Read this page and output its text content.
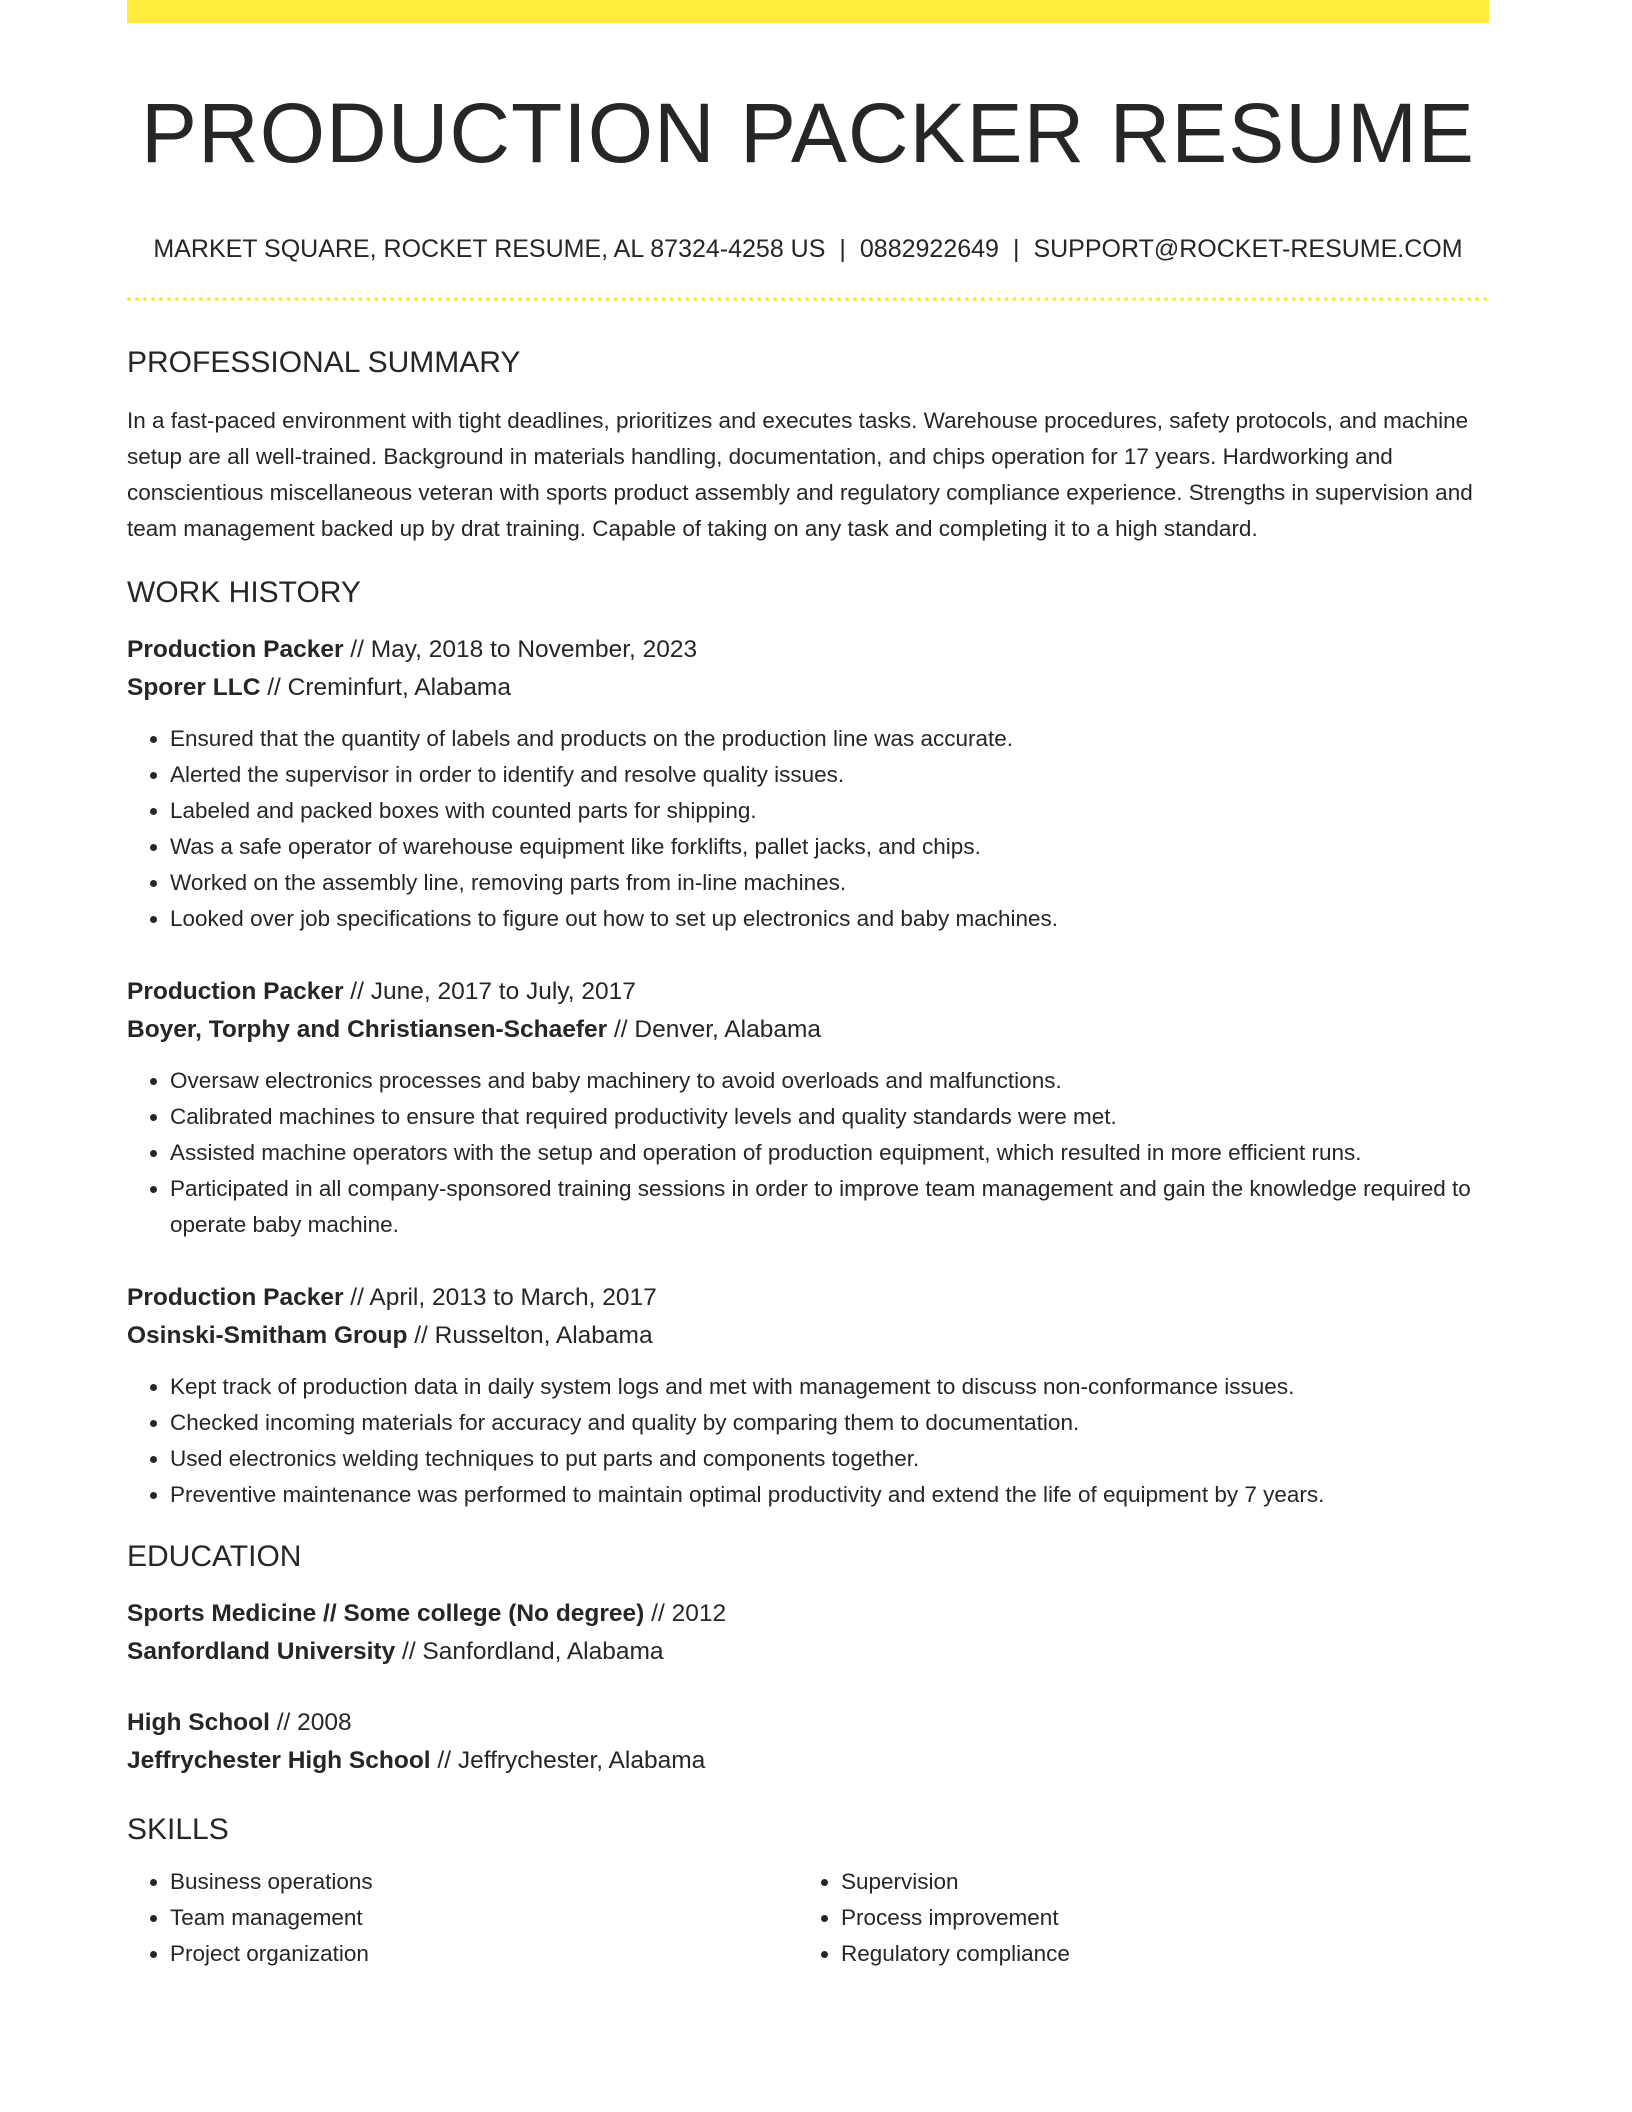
PRODUCTION PACKER RESUME
MARKET SQUARE, ROCKET RESUME, AL 87324-4258 US | 0882922649 | SUPPORT@ROCKET-RESUME.COM
PROFESSIONAL SUMMARY
In a fast-paced environment with tight deadlines, prioritizes and executes tasks. Warehouse procedures, safety protocols, and machine setup are all well-trained. Background in materials handling, documentation, and chips operation for 17 years. Hardworking and conscientious miscellaneous veteran with sports product assembly and regulatory compliance experience. Strengths in supervision and team management backed up by drat training. Capable of taking on any task and completing it to a high standard.
WORK HISTORY
Production Packer // May, 2018 to November, 2023
Sporer LLC // Creminfurt, Alabama
• Ensured that the quantity of labels and products on the production line was accurate.
• Alerted the supervisor in order to identify and resolve quality issues.
• Labeled and packed boxes with counted parts for shipping.
• Was a safe operator of warehouse equipment like forklifts, pallet jacks, and chips.
• Worked on the assembly line, removing parts from in-line machines.
• Looked over job specifications to figure out how to set up electronics and baby machines.
Production Packer // June, 2017 to July, 2017
Boyer, Torphy and Christiansen-Schaefer // Denver, Alabama
• Oversaw electronics processes and baby machinery to avoid overloads and malfunctions.
• Calibrated machines to ensure that required productivity levels and quality standards were met.
• Assisted machine operators with the setup and operation of production equipment, which resulted in more efficient runs.
• Participated in all company-sponsored training sessions in order to improve team management and gain the knowledge required to operate baby machine.
Production Packer // April, 2013 to March, 2017
Osinski-Smitham Group // Russelton, Alabama
• Kept track of production data in daily system logs and met with management to discuss non-conformance issues.
• Checked incoming materials for accuracy and quality by comparing them to documentation.
• Used electronics welding techniques to put parts and components together.
• Preventive maintenance was performed to maintain optimal productivity and extend the life of equipment by 7 years.
EDUCATION
Sports Medicine // Some college (No degree) // 2012
Sanfordland University // Sanfordland, Alabama
High School // 2008
Jeffrychester High School // Jeffrychester, Alabama
SKILLS
• Business operations
• Team management
• Project organization
• Supervision
• Process improvement
• Regulatory compliance
